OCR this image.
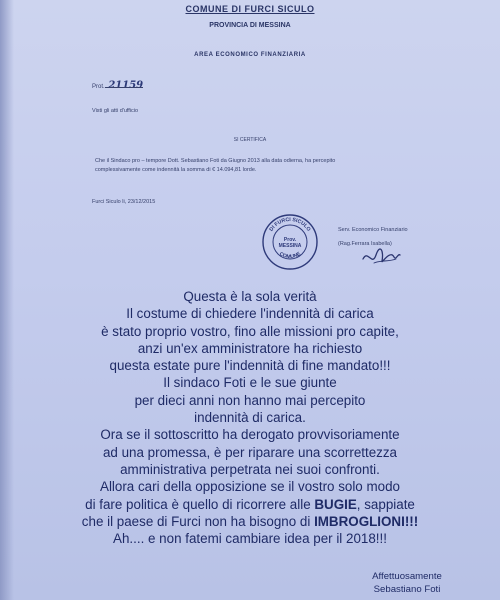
COMUNE DI FURCI SICULO
PROVINCIA DI MESSINA
AREA ECONOMICO FINANZIARIA
Prot. 21159
Visti gli atti d'ufficio
SI CERTIFICA
Che il Sindaco pro – tempore Dott. Sebastiano Foti da Giugno 2013 alla data odierna, ha percepito
complessivamente come indennità la somma di € 14.094,81 lorde.
Furci Siculo li, 23/12/2015
Serv. Economico Finanziario
(Rag.Ferrara Isabella)
DI FURCI SICULO
COMUNE
Prov.
MESSINA
Questa è la sola verità
Il costume di chiedere l'indennità di carica
è stato proprio vostro, fino alle missioni pro capite,
anzi un'ex amministratore ha richiesto
questa estate pure l'indennità di fine mandato!!!
Il sindaco Foti e le sue giunte
per dieci anni non hanno mai percepito
indennità di carica.
Ora se il sottoscritto ha derogato provvisoriamente
ad una promessa, è per riparare una scorrettezza
amministrativa perpetrata nei suoi confronti.
Allora cari della opposizione se il vostro solo modo
di fare politica è quello di ricorrere alle BUGIE, sappiate
che il paese di Furci non ha bisogno di IMBROGLIONI!!!
Ah.... e non fatemi cambiare idea per il 2018!!!
Affettuosamente
Sebastiano Foti
